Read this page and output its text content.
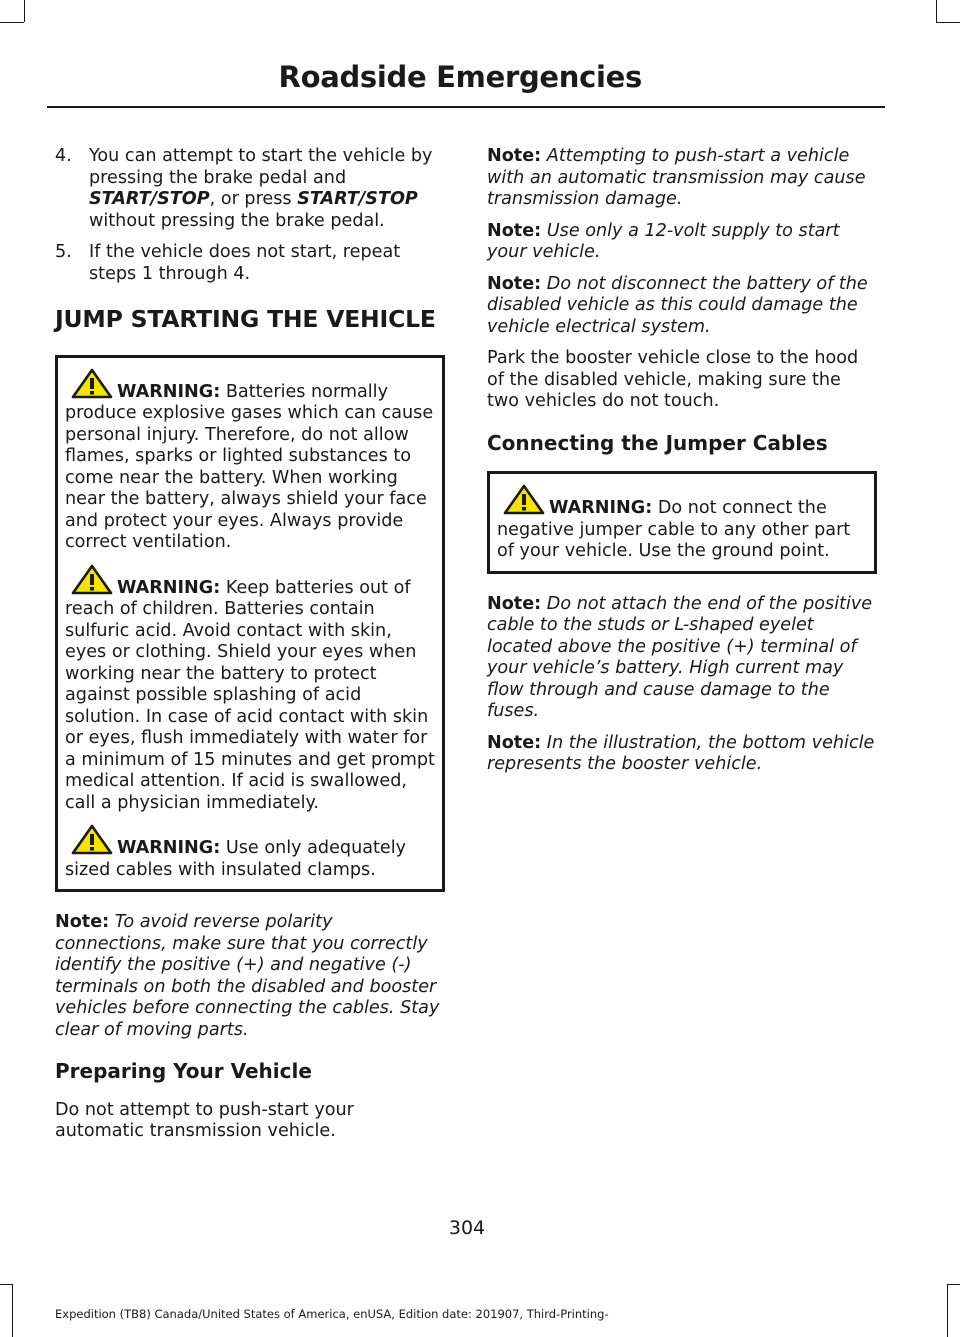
Roadside Emergencies
4. You can attempt to start the vehicle by pressing the brake pedal and START/STOP, or press START/STOP without pressing the brake pedal.
5. If the vehicle does not start, repeat steps 1 through 4.
JUMP STARTING THE VEHICLE

WARNING: Batteries normally produce explosive gases which can cause personal injury. Therefore, do not allow flames, sparks or lighted substances to come near the battery. When working near the battery, always shield your face and protect your eyes. Always provide correct ventilation.

WARNING: Keep batteries out of reach of children. Batteries contain sulfuric acid. Avoid contact with skin, eyes or clothing. Shield your eyes when working near the battery to protect against possible splashing of acid solution. In case of acid contact with skin or eyes, flush immediately with water for a minimum of 15 minutes and get prompt medical attention. If acid is swallowed, call a physician immediately.

WARNING: Use only adequately sized cables with insulated clamps.

Note: To avoid reverse polarity connections, make sure that you correctly identify the positive (+) and negative (-) terminals on both the disabled and booster vehicles before connecting the cables. Stay clear of moving parts.

Preparing Your Vehicle

Do not attempt to push-start your automatic transmission vehicle.

Note: Attempting to push-start a vehicle with an automatic transmission may cause transmission damage.

Note: Use only a 12-volt supply to start your vehicle.

Note: Do not disconnect the battery of the disabled vehicle as this could damage the vehicle electrical system.

Park the booster vehicle close to the hood of the disabled vehicle, making sure the two vehicles do not touch.

Connecting the Jumper Cables

WARNING: Do not connect the negative jumper cable to any other part of your vehicle. Use the ground point.

Note: Do not attach the end of the positive cable to the studs or L-shaped eyelet located above the positive (+) terminal of your vehicle’s battery. High current may flow through and cause damage to the fuses.

Note: In the illustration, the bottom vehicle represents the booster vehicle.

304
Expedition (TB8) Canada/United States of America, enUSA, Edition date: 201907, Third-Printing-
